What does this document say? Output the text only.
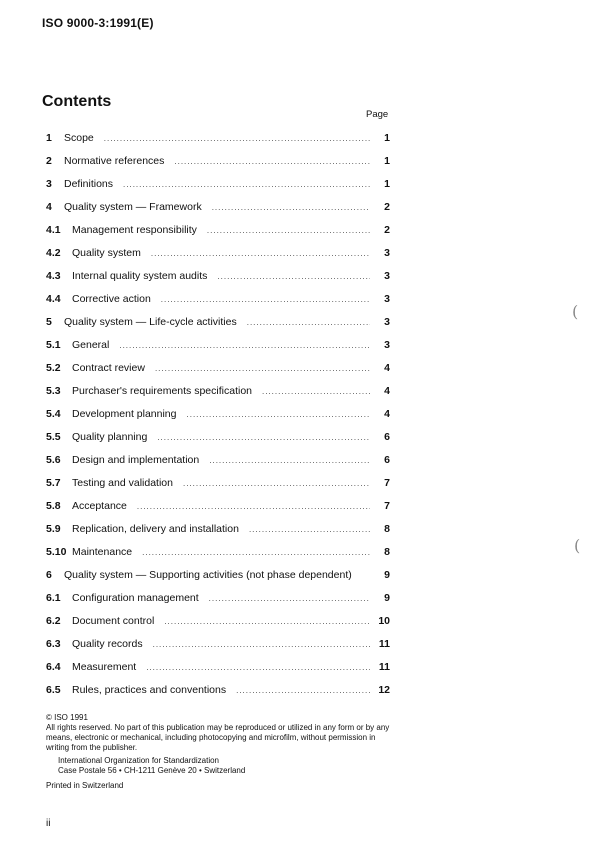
ISO 9000-3:1991(E)
Contents
Page
1	Scope .....	1
2	Normative references .....	1
3	Definitions .....	1
4	Quality system — Framework .....	2
4.1	Management responsibility .....	2
4.2	Quality system .....	3
4.3	Internal quality system audits .....	3
4.4	Corrective action .....	3
5	Quality system — Life-cycle activities .....	3
5.1	General .....	3
5.2	Contract review .....	4
5.3	Purchaser's requirements specification .....	4
5.4	Development planning .....	4
5.5	Quality planning .....	6
5.6	Design and implementation .....	6
5.7	Testing and validation .....	7
5.8	Acceptance .....	7
5.9	Replication, delivery and installation .....	8
5.10 Maintenance .....	8
6	Quality system — Supporting activities (not phase dependent)	9
6.1	Configuration management .....	9
6.2	Document control .....	10
6.3	Quality records .....	11
6.4	Measurement .....	11
6.5	Rules, practices and conventions .....	12

© ISO 1991

All rights reserved. No part of this publication may be reproduced or utilized in any form or by any means, electronic or mechanical, including photocopying and microfilm, without permission in writing from the publisher.

International Organization for Standardization

Case Postale 56 • CH-1211 Genève 20 • Switzerland

Printed in Switzerland

ii
(
(
